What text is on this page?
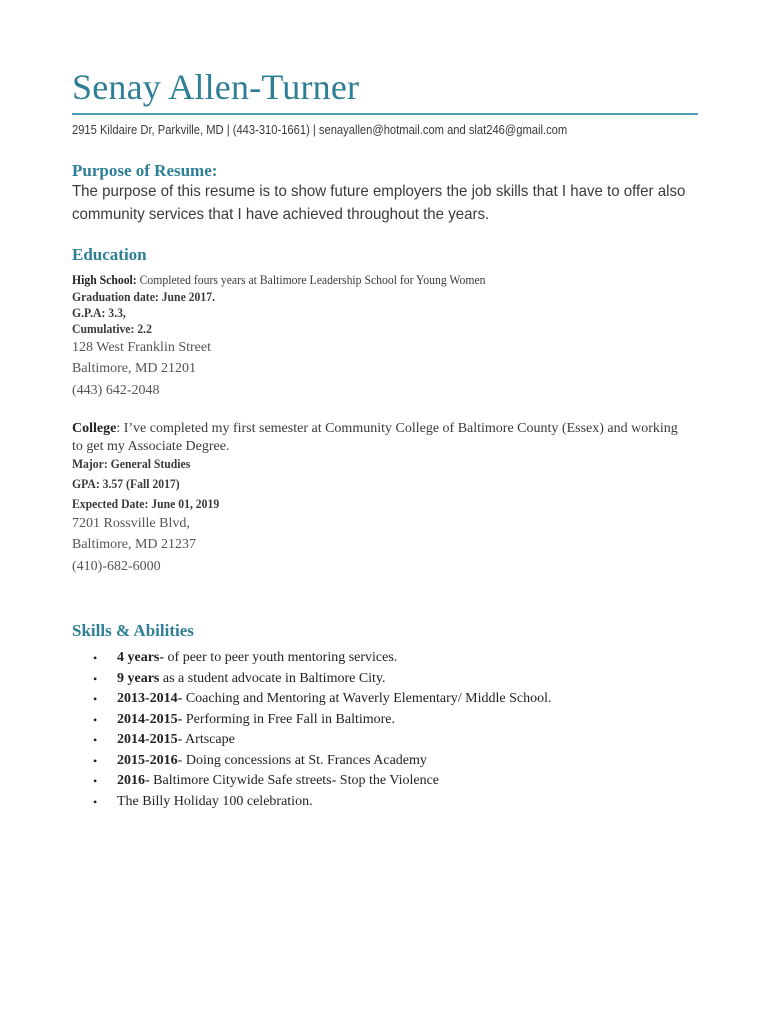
Senay Allen-Turner
2915 Kildaire Dr, Parkville, MD | (443-310-1661) | senayallen@hotmail.com and slat246@gmail.com
Purpose of Resume:
The purpose of this resume is to show future employers the job skills that I have to offer also community services that I have achieved throughout the years.
Education
High School: Completed fours years at Baltimore Leadership School for Young Women
Graduation date: June 2017.
G.P.A: 3.3,
Cumulative: 2.2
128 West Franklin Street
Baltimore, MD 21201
(443) 642-2048
College: I’ve completed my first semester at Community College of Baltimore County (Essex) and working to get my Associate Degree.
Major: General Studies
GPA: 3.57 (Fall 2017)
Expected Date: June 01, 2019
7201 Rossville Blvd,
Baltimore, MD 21237
(410)-682-6000
Skills & Abilities
• 4 years- of peer to peer youth mentoring services.
• 9 years as a student advocate in Baltimore City.
• 2013-2014- Coaching and Mentoring at Waverly Elementary/ Middle School.
• 2014-2015- Performing in Free Fall in Baltimore.
• 2014-2015- Artscape
• 2015-2016- Doing concessions at St. Frances Academy
• 2016- Baltimore Citywide Safe streets- Stop the Violence
• The Billy Holiday 100 celebration.
